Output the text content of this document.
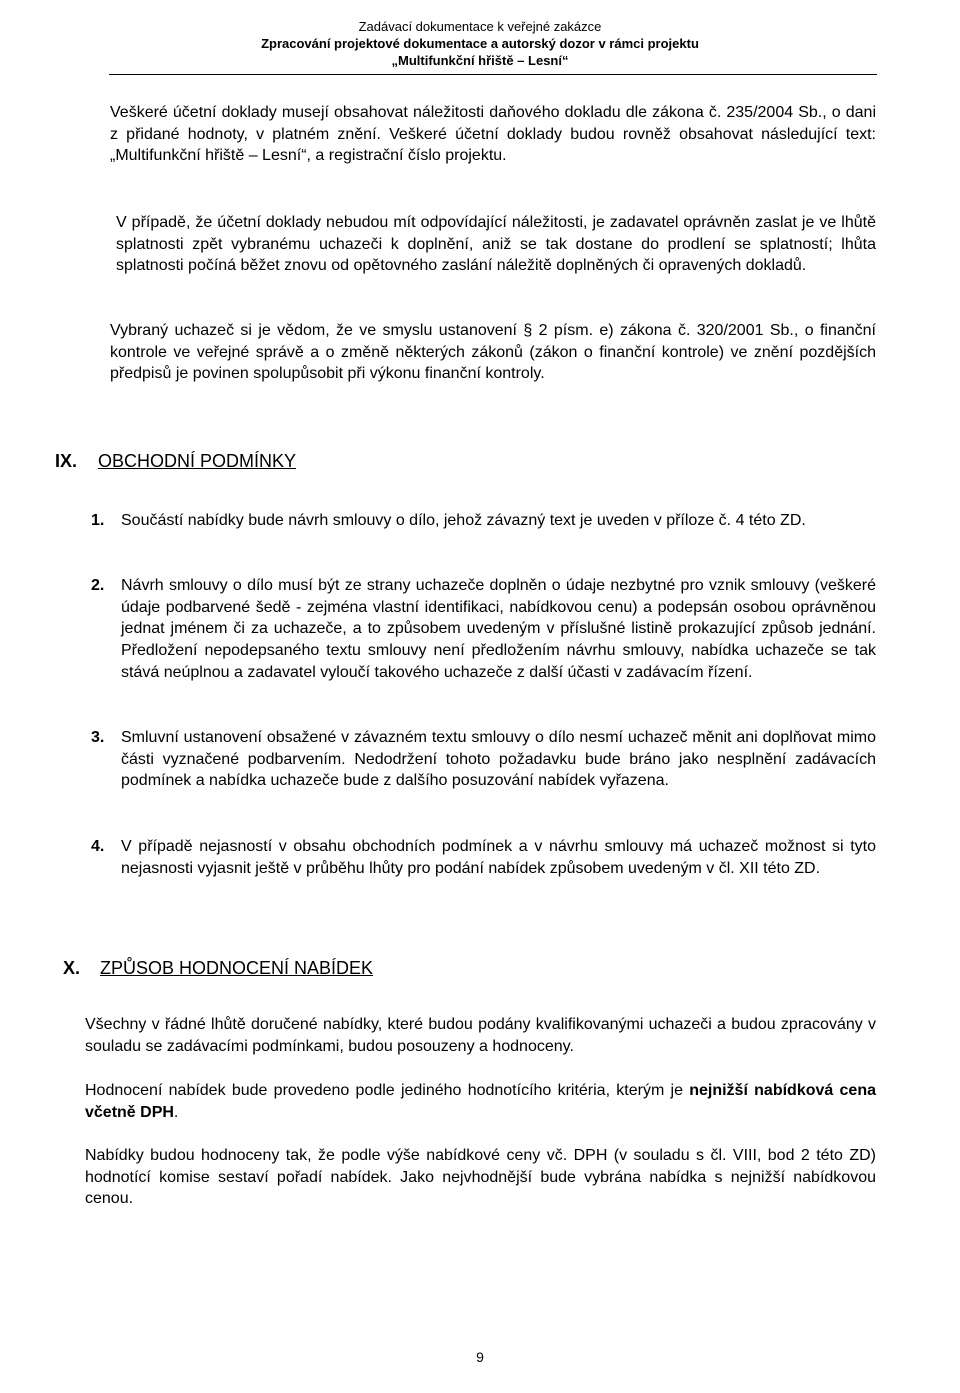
Zadávací dokumentace k veřejné zakázce
Zpracování projektové dokumentace a autorský dozor v rámci projektu
„Multifunkční hřiště – Lesní“
Veškeré účetní doklady musejí obsahovat náležitosti daňového dokladu dle zákona č. 235/2004 Sb., o dani z přidané hodnoty, v platném znění. Veškeré účetní doklady budou rovněž obsahovat následující text: „Multifunkční hřiště – Lesní“, a registrační číslo projektu.
V případě, že účetní doklady nebudou mít odpovídající náležitosti, je zadavatel oprávněn zaslat je ve lhůtě splatnosti zpět vybranému uchazeči k doplnění, aniž se tak dostane do prodlení se splatností; lhůta splatnosti počíná běžet znovu od opětovného zaslání náležitě doplněných či opravených dokladů.
Vybraný uchazeč si je vědom, že ve smyslu ustanovení § 2 písm. e) zákona č. 320/2001 Sb., o finanční kontrole ve veřejné správě a o změně některých zákonů (zákon o finanční kontrole) ve znění pozdějších předpisů je povinen spolupůsobit při výkonu finanční kontroly.
IX. OBCHODNÍ PODMÍNKY
1. Součástí nabídky bude návrh smlouvy o dílo, jehož závazný text je uveden v příloze č. 4 této ZD.
2. Návrh smlouvy o dílo musí být ze strany uchazeče doplněn o údaje nezbytné pro vznik smlouvy (veškeré údaje podbarvené šedě - zejména vlastní identifikaci, nabídkovou cenu) a podepsán osobou oprávněnou jednat jménem či za uchazeče, a to způsobem uvedeným v příslušné listině prokazující způsob jednání. Předložení nepodepsaného textu smlouvy není předložením návrhu smlouvy, nabídka uchazeče se tak stává neúplnou a zadavatel vyloučí takového uchazeče z další účasti v zadávacím řízení.
3. Smluvní ustanovení obsažené v závazném textu smlouvy o dílo nesmí uchazeč měnit ani doplňovat mimo části vyznačené podbarvením. Nedodržení tohoto požadavku bude bráno jako nesplnění zadávacích podmínek a nabídka uchazeče bude z dalšího posuzování nabídek vyřazena.
4. V případě nejasností v obsahu obchodních podmínek a v návrhu smlouvy má uchazeč možnost si tyto nejasnosti vyjasnit ještě v průběhu lhůty pro podání nabídek způsobem uvedeným v čl. XII této ZD.
X. ZPŮSOB HODNOCENÍ NABÍDEK
Všechny v řádné lhůtě doručené nabídky, které budou podány kvalifikovanými uchazeči a budou zpracovány v souladu se zadávacími podmínkami, budou posouzeny a hodnoceny.
Hodnocení nabídek bude provedeno podle jediného hodnotícího kritéria, kterým je nejnižší nabídková cena včetně DPH.
Nabídky budou hodnoceny tak, že podle výše nabídkové ceny vč. DPH (v souladu s čl. VIII, bod 2 této ZD) hodnotící komise sestaví pořadí nabídek. Jako nejvhodnější bude vybrána nabídka s nejnižší nabídkovou cenou.
9
